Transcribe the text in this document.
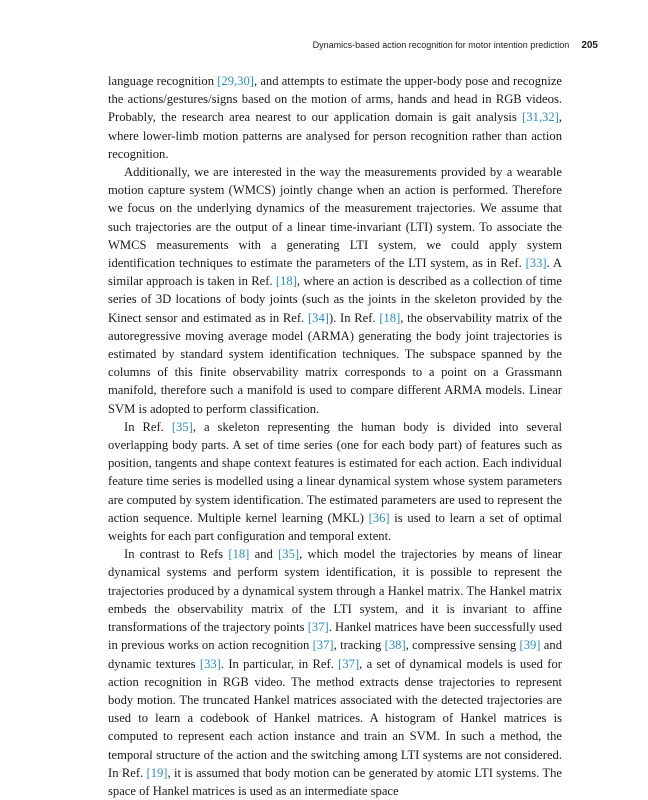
Dynamics-based action recognition for motor intention prediction 205

language recognition [29,30], and attempts to estimate the upper-body pose and recognize the actions/gestures/signs based on the motion of arms, hands and head in RGB videos. Probably, the research area nearest to our application domain is gait analysis [31,32], where lower-limb motion patterns are analysed for person recognition rather than action recognition.

Additionally, we are interested in the way the measurements provided by a wearable motion capture system (WMCS) jointly change when an action is performed. Therefore we focus on the underlying dynamics of the measurement trajectories. We assume that such trajectories are the output of a linear time-invariant (LTI) system. To associate the WMCS measurements with a generating LTI system, we could apply system identification techniques to estimate the parameters of the LTI system, as in Ref. [33]. A similar approach is taken in Ref. [18], where an action is described as a collection of time series of 3D locations of body joints (such as the joints in the skeleton provided by the Kinect sensor and estimated as in Ref. [34]). In Ref. [18], the observability matrix of the autoregressive moving average model (ARMA) generating the body joint trajectories is estimated by standard system identification techniques. The subspace spanned by the columns of this finite observability matrix corresponds to a point on a Grassmann manifold, therefore such a manifold is used to compare different ARMA models. Linear SVM is adopted to perform classification.

In Ref. [35], a skeleton representing the human body is divided into several overlapping body parts. A set of time series (one for each body part) of features such as position, tangents and shape context features is estimated for each action. Each individual feature time series is modelled using a linear dynamical system whose system parameters are computed by system identification. The estimated parameters are used to represent the action sequence. Multiple kernel learning (MKL) [36] is used to learn a set of optimal weights for each part configuration and temporal extent.

In contrast to Refs [18] and [35], which model the trajectories by means of linear dynamical systems and perform system identification, it is possible to represent the trajectories produced by a dynamical system through a Hankel matrix. The Hankel matrix embeds the observability matrix of the LTI system, and it is invariant to affine transformations of the trajectory points [37]. Hankel matrices have been successfully used in previous works on action recognition [37], tracking [38], compressive sensing [39] and dynamic textures [33]. In particular, in Ref. [37], a set of dynamical models is used for action recognition in RGB video. The method extracts dense trajectories to represent body motion. The truncated Hankel matrices associated with the detected trajectories are used to learn a codebook of Hankel matrices. A histogram of Hankel matrices is computed to represent each action instance and train an SVM. In such a method, the temporal structure of the action and the switching among LTI systems are not considered. In Ref. [19], it is assumed that body motion can be generated by atomic LTI systems. The space of Hankel matrices is used as an intermediate space
